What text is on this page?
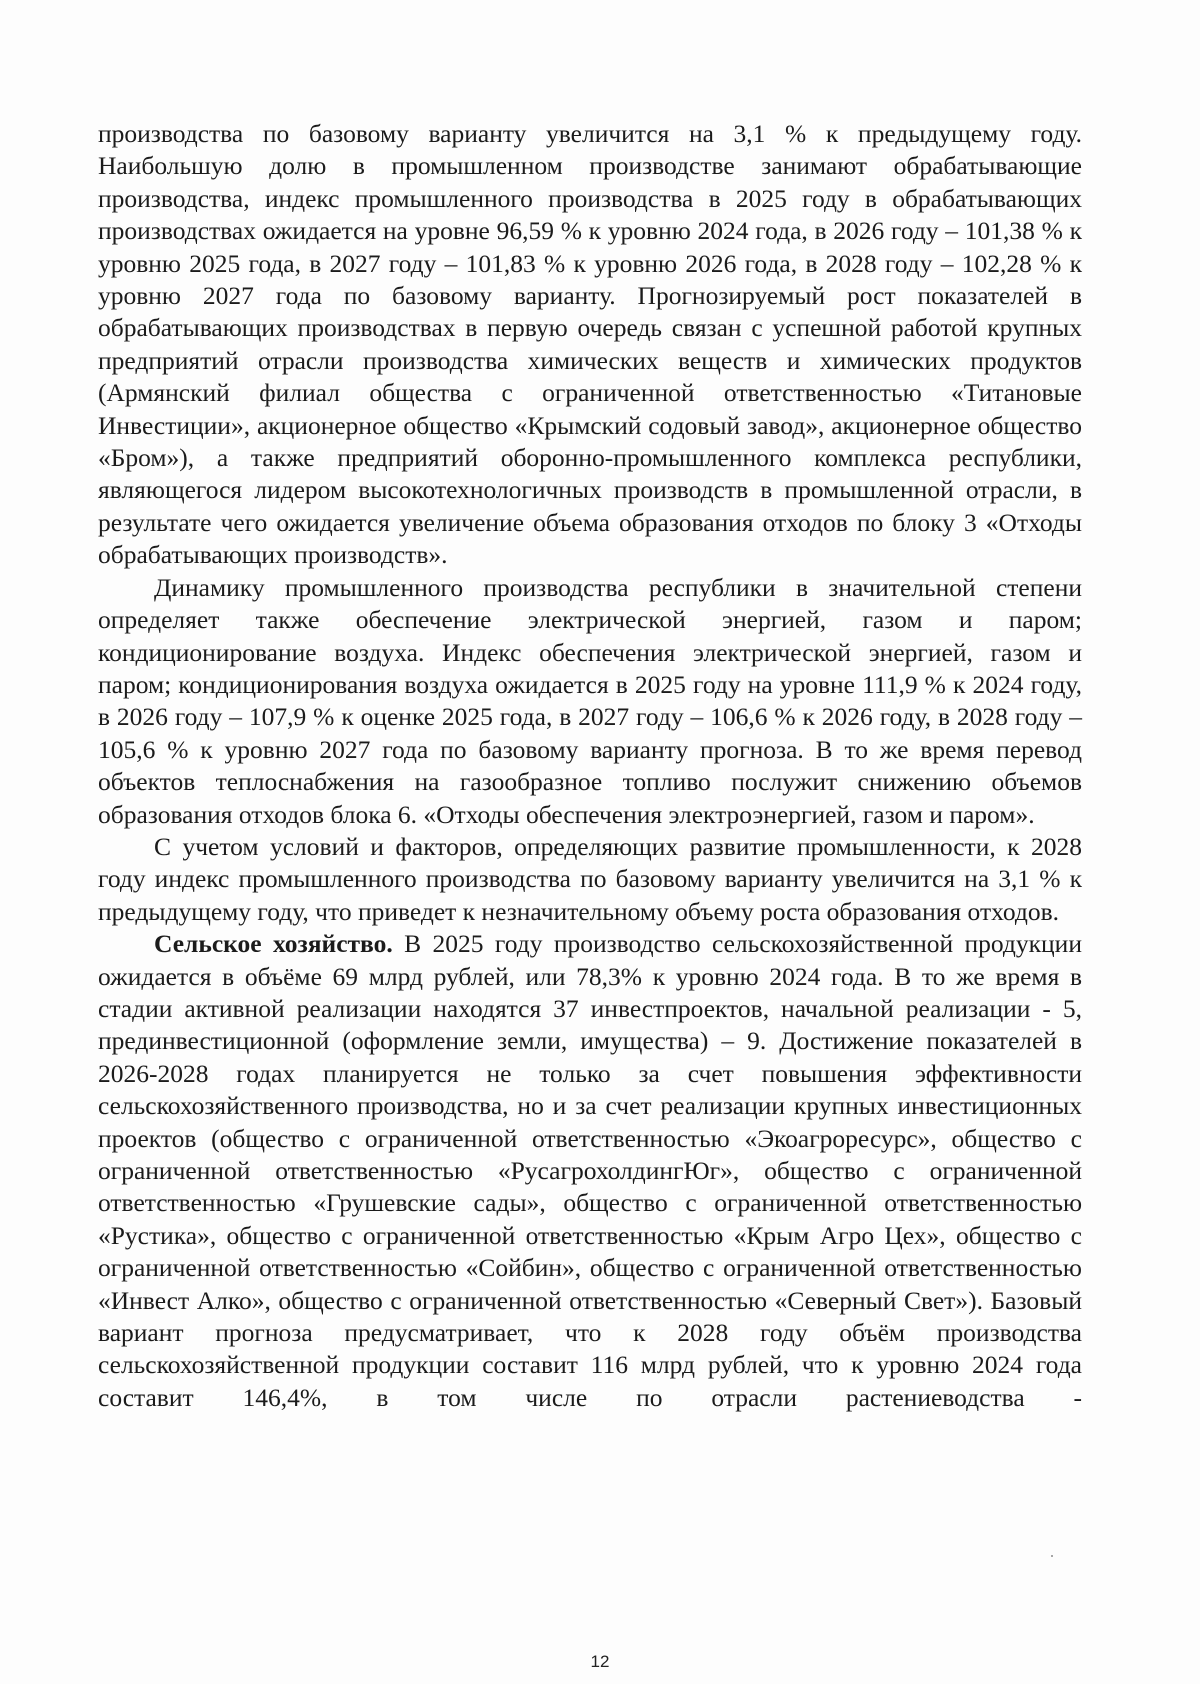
производства по базовому варианту увеличится на 3,1 % к предыдущему году. Наибольшую долю в промышленном производстве занимают обрабатывающие производства, индекс промышленного производства в 2025 году в обрабатывающих производствах ожидается на уровне 96,59 % к уровню 2024 года, в 2026 году – 101,38 % к уровню 2025 года, в 2027 году – 101,83 % к уровню 2026 года, в 2028 году – 102,28 % к уровню 2027 года по базовому варианту. Прогнозируемый рост показателей в обрабатывающих производствах в первую очередь связан с успешной работой крупных предприятий отрасли производства химических веществ и химических продуктов (Армянский филиал общества с ограниченной ответственностью «Титановые Инвестиции», акционерное общество «Крымский содовый завод», акционерное общество «Бром»), а также предприятий оборонно-промышленного комплекса республики, являющегося лидером высокотехнологичных производств в промышленной отрасли, в результате чего ожидается увеличение объема образования отходов по блоку 3 «Отходы обрабатывающих производств».

Динамику промышленного производства республики в значительной степени определяет также обеспечение электрической энергией, газом и паром; кондиционирование воздуха. Индекс обеспечения электрической энергией, газом и паром; кондиционирования воздуха ожидается в 2025 году на уровне 111,9 % к 2024 году, в 2026 году – 107,9 % к оценке 2025 года, в 2027 году – 106,6 % к 2026 году, в 2028 году – 105,6 % к уровню 2027 года по базовому варианту прогноза. В то же время перевод объектов теплоснабжения на газообразное топливо послужит снижению объемов образования отходов блока 6. «Отходы обеспечения электроэнергией, газом и паром».

С учетом условий и факторов, определяющих развитие промышленности, к 2028 году индекс промышленного производства по базовому варианту увеличится на 3,1 % к предыдущему году, что приведет к незначительному объему роста образования отходов.

Сельское хозяйство. В 2025 году производство сельскохозяйственной продукции ожидается в объёме 69 млрд рублей, или 78,3% к уровню 2024 года. В то же время в стадии активной реализации находятся 37 инвестпроектов, начальной реализации - 5, прединвестиционной (оформление земли, имущества) – 9. Достижение показателей в 2026-2028 годах планируется не только за счет повышения эффективности сельскохозяйственного производства, но и за счет реализации крупных инвестиционных проектов (общество с ограниченной ответственностью «Экоагроресурс», общество с ограниченной ответственностью «РусагрохолдингЮг», общество с ограниченной ответственностью «Грушевские сады», общество с ограниченной ответственностью «Рустика», общество с ограниченной ответственностью «Крым Агро Цех», общество с ограниченной ответственностью «Сойбин», общество с ограниченной ответственностью «Инвест Алко», общество с ограниченной ответственностью «Северный Свет»). Базовый вариант прогноза предусматривает, что к 2028 году объём производства сельскохозяйственной продукции составит 116 млрд рублей, что к уровню 2024 года составит 146,4%, в том числе по отрасли растениеводства -

12
